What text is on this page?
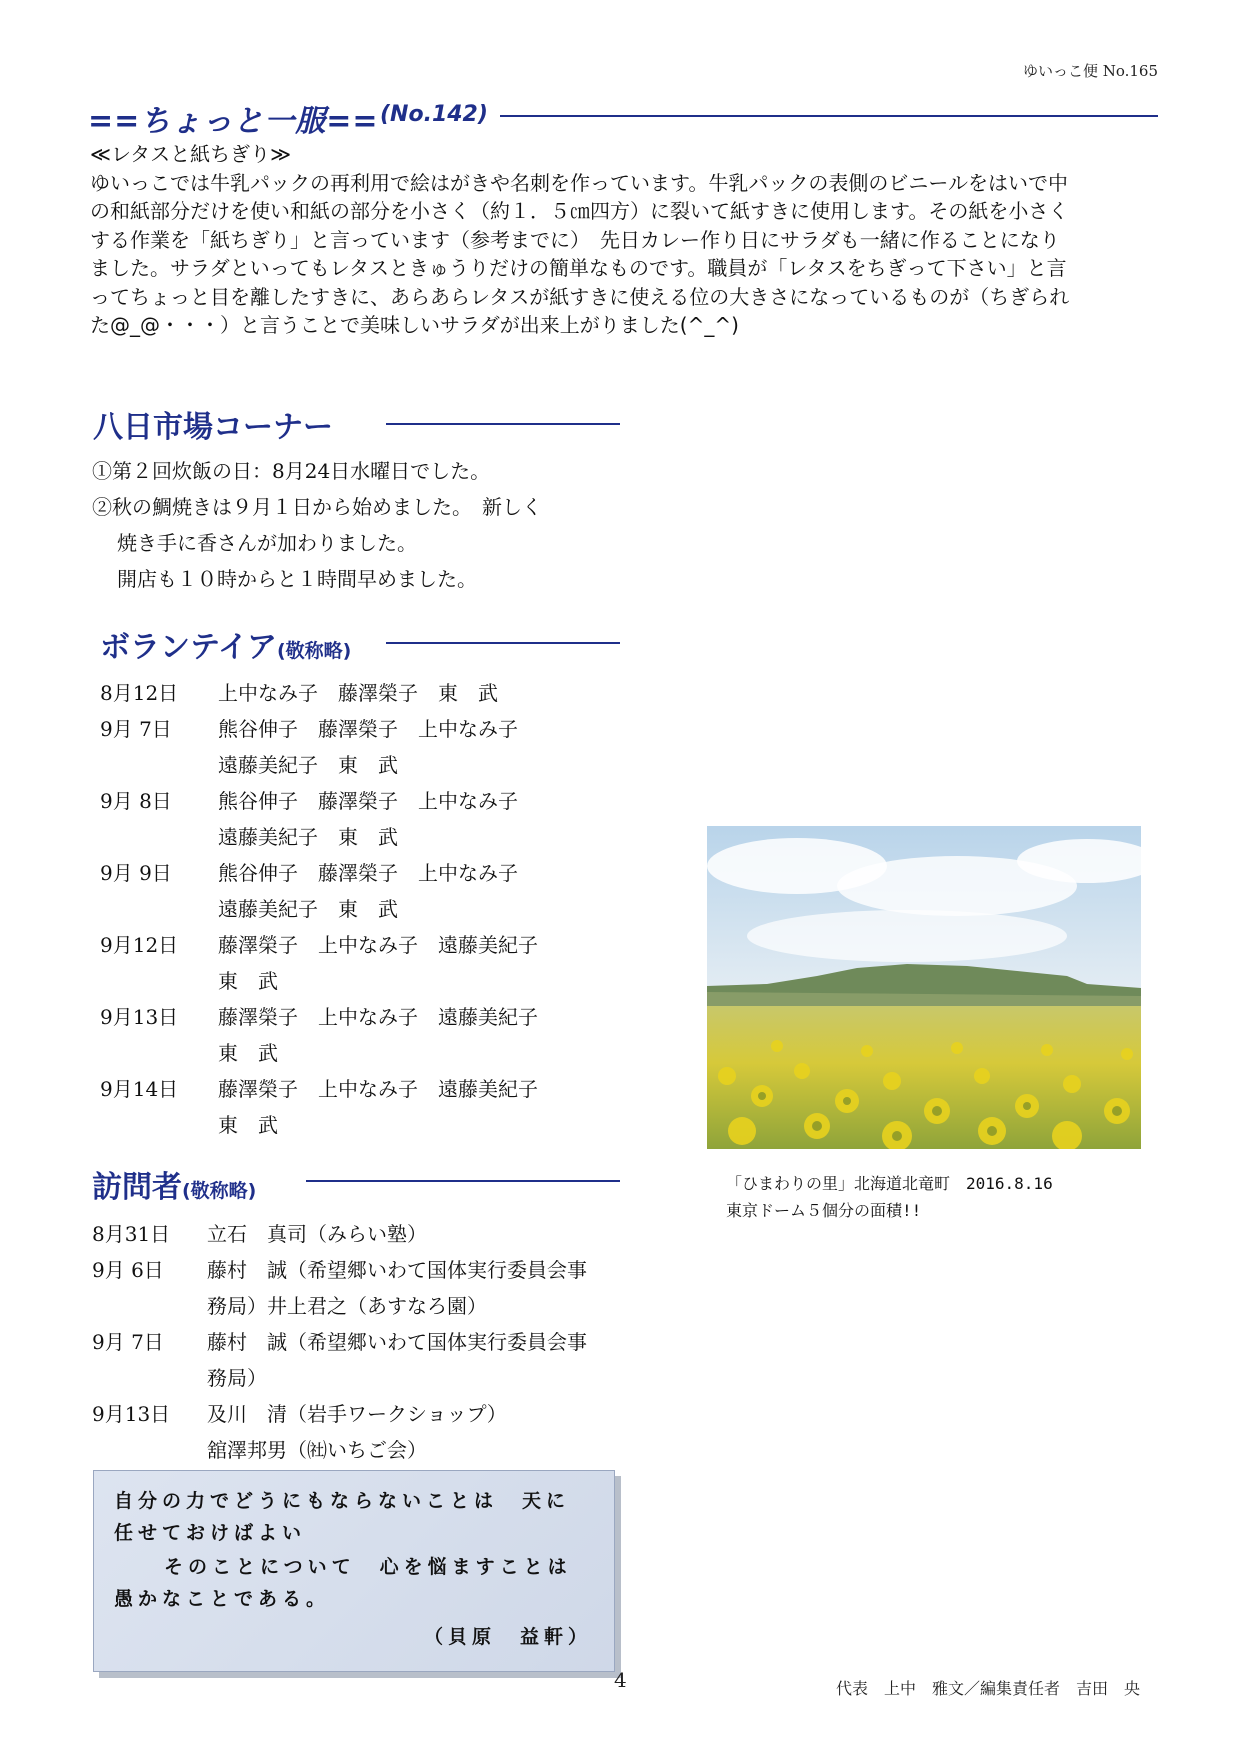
ゆいっこ便 No.165
==ちょっと一服== (No.142)
≪レタスと紙ちぎり≫
ゆいっこでは牛乳パックの再利用で絵はがきや名刺を作っています。牛乳パックの表側のビニールをはいで中
の和紙部分だけを使い和紙の部分を小さく（約１．５㎝四方）に裂いて紙すきに使用します。その紙を小さく
する作業を「紙ちぎり」と言っています（参考までに）　先日カレー作り日にサラダも一緒に作ることになり
ました。サラダといってもレタスときゅうりだけの簡単なものです。職員が「レタスをちぎって下さい」と言
ってちょっと目を離したすきに、あらあらレタスが紙すきに使える位の大きさになっているものが（ちぎられ
た@_@・・・）と言うことで美味しいサラダが出来上がりました(^_^)
八日市場コーナー
①第２回炊飯の日：8月24日水曜日でした。
②秋の鯛焼きは９月１日から始めました。　新しく
焼き手に香さんが加わりました。
開店も１０時からと１時間早めました。
ボランテイア(敬称略)
8月12日 上中なみ子　藤澤榮子　東　武
9月 7日 熊谷伸子　藤澤榮子　上中なみ子
遠藤美紀子　東　武
9月 8日 熊谷伸子　藤澤榮子　上中なみ子
遠藤美紀子　東　武
9月 9日 熊谷伸子　藤澤榮子　上中なみ子
遠藤美紀子　東　武
9月12日 藤澤榮子　上中なみ子　遠藤美紀子
東　武
9月13日 藤澤榮子　上中なみ子　遠藤美紀子
東　武
9月14日 藤澤榮子　上中なみ子　遠藤美紀子
東　武
訪問者(敬称略)
8月31日 立石　真司（みらい塾）
9月 6日 藤村　誠（希望郷いわて国体実行委員会事
務局）井上君之（あすなろ園）
9月 7日 藤村　誠（希望郷いわて国体実行委員会事
務局）
9月13日 及川　清（岩手ワークショップ）
舘澤邦男（㈳いちご会）
「ひまわりの里」北海道北竜町　2016.8.16
東京ドーム５個分の面積!!
自分の力でどうにもならないことは　天に
任せておけばよい
そのことについて　心を悩ますことは
愚かなことである。
（貝原　益軒）
4	代表　上中　雅文／編集責任者　吉田　央
